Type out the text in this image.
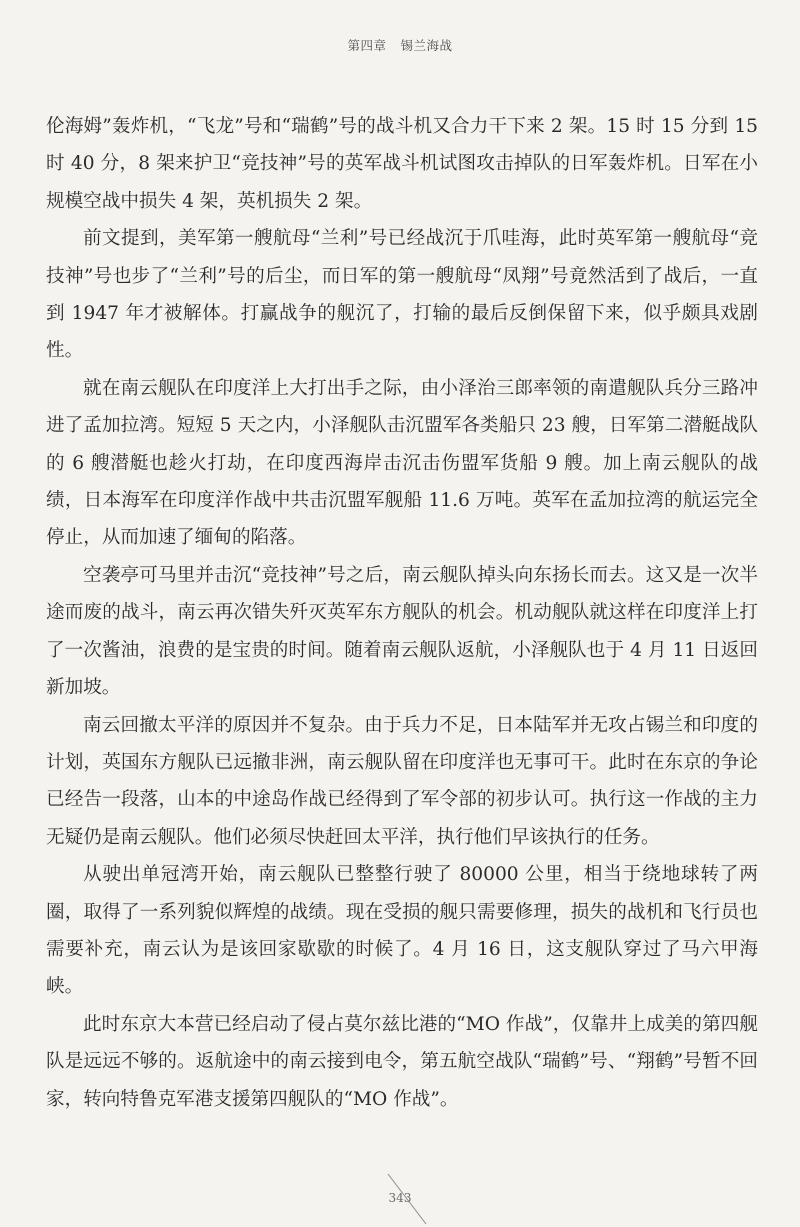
第四章 锡兰海战

伦海姆”轰炸机，“飞龙”号和“瑞鹤”号的战斗机又合力干下来 2 架。15 时 15 分到 15 时 40 分，8 架来护卫“竞技神”号的英军战斗机试图攻击掉队的日军轰炸机。日军在小规模空战中损失 4 架，英机损失 2 架。

前文提到，美军第一艘航母“兰利”号已经战沉于爪哇海，此时英军第一艘航母“竞技神”号也步了“兰利”号的后尘，而日军的第一艘航母“凤翔”号竟然活到了战后，一直到 1947 年才被解体。打赢战争的舰沉了，打输的最后反倒保留下来，似乎颇具戏剧性。

就在南云舰队在印度洋上大打出手之际，由小泽治三郎率领的南遣舰队兵分三路冲进了孟加拉湾。短短 5 天之内，小泽舰队击沉盟军各类船只 23 艘，日军第二潜艇战队的 6 艘潜艇也趁火打劫，在印度西海岸击沉击伤盟军货船 9 艘。加上南云舰队的战绩，日本海军在印度洋作战中共击沉盟军舰船 11.6 万吨。英军在孟加拉湾的航运完全停止，从而加速了缅甸的陷落。

空袭亭可马里并击沉“竞技神”号之后，南云舰队掉头向东扬长而去。这又是一次半途而废的战斗，南云再次错失歼灭英军东方舰队的机会。机动舰队就这样在印度洋上打了一次酱油，浪费的是宝贵的时间。随着南云舰队返航，小泽舰队也于 4 月 11 日返回新加坡。

南云回撤太平洋的原因并不复杂。由于兵力不足，日本陆军并无攻占锡兰和印度的计划，英国东方舰队已远撤非洲，南云舰队留在印度洋也无事可干。此时在东京的争论已经告一段落，山本的中途岛作战已经得到了军令部的初步认可。执行这一作战的主力无疑仍是南云舰队。他们必须尽快赶回太平洋，执行他们早该执行的任务。

从驶出单冠湾开始，南云舰队已整整行驶了 80000 公里，相当于绕地球转了两圈，取得了一系列貌似辉煌的战绩。现在受损的舰只需要修理，损失的战机和飞行员也需要补充，南云认为是该回家歇歇的时候了。4 月 16 日，这支舰队穿过了马六甲海峡。

此时东京大本营已经启动了侵占莫尔兹比港的“MO 作战”，仅靠井上成美的第四舰队是远远不够的。返航途中的南云接到电令，第五航空战队“瑞鹤”号、“翔鹤”号暂不回家，转向特鲁克军港支援第四舰队的“MO 作战”。

343
